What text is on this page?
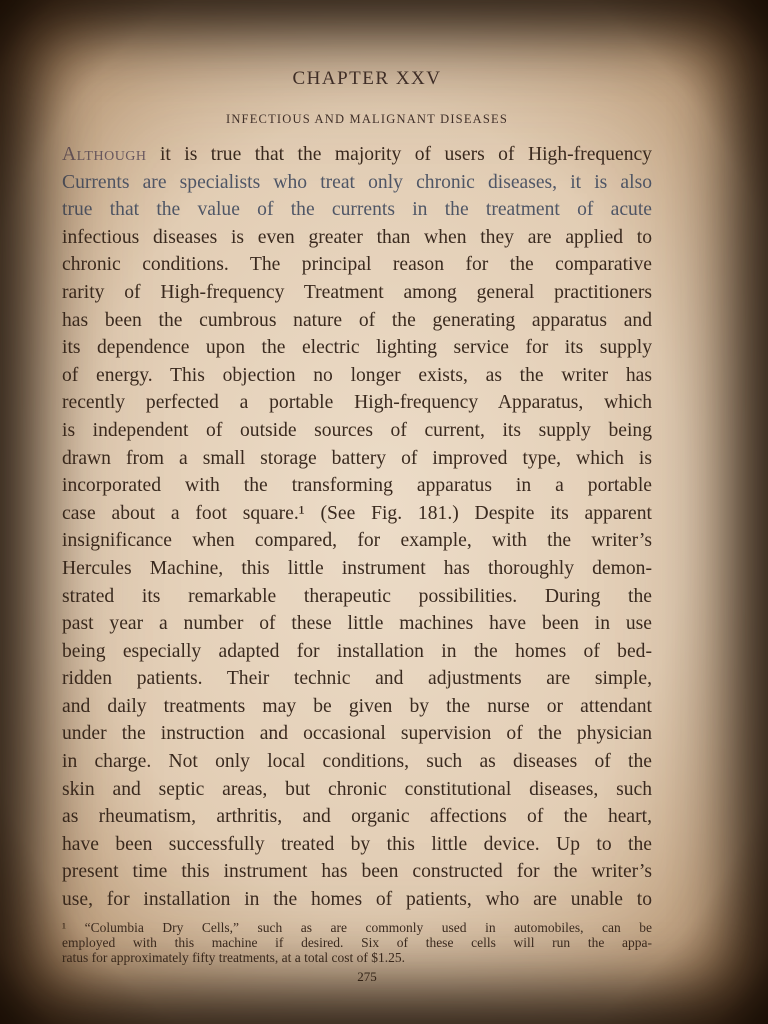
CHAPTER XXV
INFECTIOUS AND MALIGNANT DISEASES
Although it is true that the majority of users of High-frequency
Currents are specialists who treat only chronic diseases, it is also
true that the value of the currents in the treatment of acute
infectious diseases is even greater than when they are applied to
chronic conditions. The principal reason for the comparative
rarity of High-frequency Treatment among general practitioners
has been the cumbrous nature of the generating apparatus and
its dependence upon the electric lighting service for its supply
of energy. This objection no longer exists, as the writer has
recently perfected a portable High-frequency Apparatus, which
is independent of outside sources of current, its supply being
drawn from a small storage battery of improved type, which is
incorporated with the transforming apparatus in a portable
case about a foot square.¹ (See Fig. 181.) Despite its apparent
insignificance when compared, for example, with the writer’s
Hercules Machine, this little instrument has thoroughly demon-
strated its remarkable therapeutic possibilities. During the
past year a number of these little machines have been in use
being especially adapted for installation in the homes of bed-
ridden patients. Their technic and adjustments are simple,
and daily treatments may be given by the nurse or attendant
under the instruction and occasional supervision of the physician
in charge. Not only local conditions, such as diseases of the
skin and septic areas, but chronic constitutional diseases, such
as rheumatism, arthritis, and organic affections of the heart,
have been successfully treated by this little device. Up to the
present time this instrument has been constructed for the writer’s
use, for installation in the homes of patients, who are unable to
¹ “Columbia Dry Cells,” such as are commonly used in automobiles, can be
employed with this machine if desired. Six of these cells will run the appa-
ratus for approximately fifty treatments, at a total cost of $1.25.
275
